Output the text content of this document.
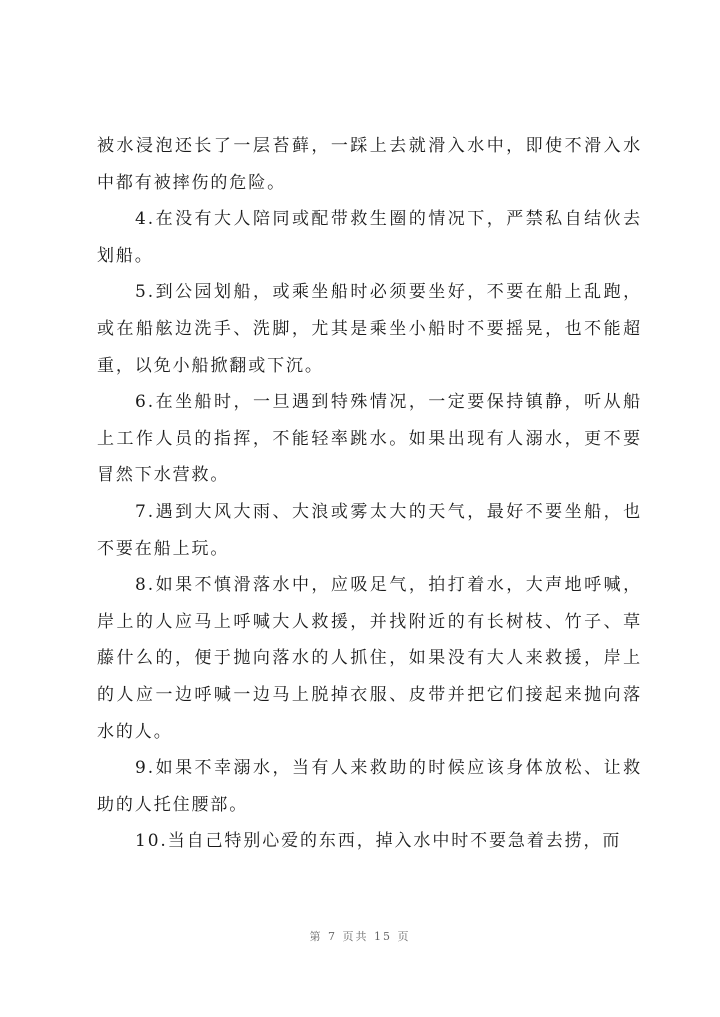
被水浸泡还长了一层苔藓，一踩上去就滑入水中，即使不滑入水中都有被摔伤的危险。

4.在没有大人陪同或配带救生圈的情况下，严禁私自结伙去划船。

5.到公园划船，或乘坐船时必须要坐好，不要在船上乱跑，或在船舷边洗手、洗脚，尤其是乘坐小船时不要摇晃，也不能超重，以免小船掀翻或下沉。

6.在坐船时，一旦遇到特殊情况，一定要保持镇静，听从船上工作人员的指挥，不能轻率跳水。如果出现有人溺水，更不要冒然下水营救。

7.遇到大风大雨、大浪或雾太大的天气，最好不要坐船，也不要在船上玩。

8.如果不慎滑落水中，应吸足气，拍打着水，大声地呼喊，岸上的人应马上呼喊大人救援，并找附近的有长树枝、竹子、草藤什么的，便于抛向落水的人抓住，如果没有大人来救援，岸上的人应一边呼喊一边马上脱掉衣服、皮带并把它们接起来抛向落水的人。

9.如果不幸溺水，当有人来救助的时候应该身体放松、让救助的人托住腰部。

10.当自己特别心爱的东西，掉入水中时不要急着去捞，而

第 7 页共 15 页
